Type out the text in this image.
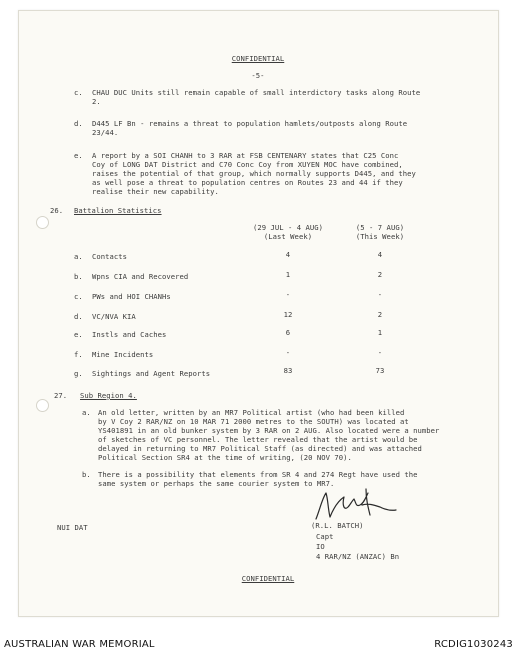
CONFIDENTIAL
-5-
c. CHAU DUC Units still remain capable of small interdictory tasks along Route
2.
d. D445 LF Bn - remains a threat to population hamlets/outposts along Route
23/44.
e. A report by a SOI CHANH to 3 RAR at FSB CENTENARY states that C25 Conc
Coy of LONG DAT District and C70 Conc Coy from XUYEN MOC have combined,
raises the potential of that group, which normally supports D445, and they
as well pose a threat to population centres on Routes 23 and 44 if they
realise their new capability.
26. Battalion Statistics
(29 JUL - 4 AUG)
(Last Week)
(5 - 7 AUG)
(This Week)
a. Contacts	4	4
b. Wpns CIA and Recovered	1	2
c. PWs and HOI CHANHs	-	-
d. VC/NVA KIA	12	2
e. Instls and Caches	6	1
f. Mine Incidents	-	-
g. Sightings and Agent Reports	83	73
27. Sub Region 4.
a. An old letter, written by an MR7 Political artist (who had been killed
by V Coy 2 RAR/NZ on 10 MAR 71 2000 metres to the SOUTH) was located at
YS401891 in an old bunker system by 3 RAR on 2 AUG. Also located were a number
of sketches of VC personnel. The letter revealed that the artist would be
delayed in returning to MR7 Political Staff (as directed) and was attached
Political Section SR4 at the time of writing, (20 NOV 70).
b. There is a possibility that elements from SR 4 and 274 Regt have used the
same system or perhaps the same courier system to MR7.
NUI DAT	(R.L. BATCH)
Capt
IO
4 RAR/NZ (ANZAC) Bn
CONFIDENTIAL
AUSTRALIAN WAR MEMORIAL	RCDIG1030243
